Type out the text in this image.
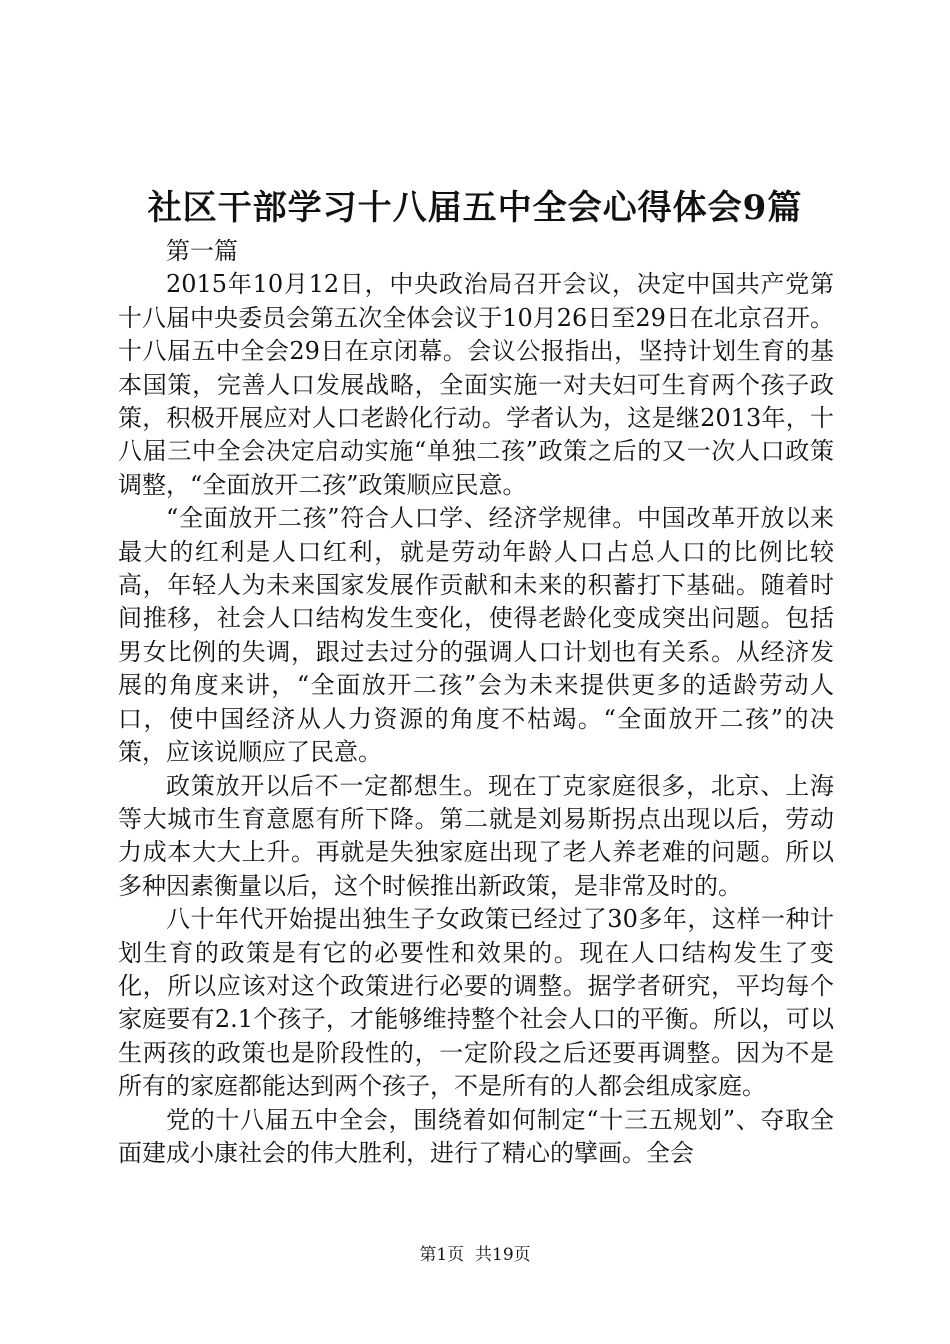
社区干部学习十八届五中全会心得体会9篇

第一篇

2015年10月12日，中央政治局召开会议，决定中国共产党第十八届中央委员会第五次全体会议于10月26日至29日在北京召开。十八届五中全会29日在京闭幕。会议公报指出，坚持计划生育的基本国策，完善人口发展战略，全面实施一对夫妇可生育两个孩子政策，积极开展应对人口老龄化行动。学者认为，这是继2013年，十八届三中全会决定启动实施“单独二孩”政策之后的又一次人口政策调整，“全面放开二孩”政策顺应民意。

“全面放开二孩”符合人口学、经济学规律。中国改革开放以来最大的红利是人口红利，就是劳动年龄人口占总人口的比例比较高，年轻人为未来国家发展作贡献和未来的积蓄打下基础。随着时间推移，社会人口结构发生变化，使得老龄化变成突出问题。包括男女比例的失调，跟过去过分的强调人口计划也有关系。从经济发展的角度来讲，“全面放开二孩”会为未来提供更多的适龄劳动人口，使中国经济从人力资源的角度不枯竭。“全面放开二孩”的决策，应该说顺应了民意。

政策放开以后不一定都想生。现在丁克家庭很多，北京、上海等大城市生育意愿有所下降。第二就是刘易斯拐点出现以后，劳动力成本大大上升。再就是失独家庭出现了老人养老难的问题。所以多种因素衡量以后，这个时候推出新政策，是非常及时的。

八十年代开始提出独生子女政策已经过了30多年，这样一种计划生育的政策是有它的必要性和效果的。现在人口结构发生了变化，所以应该对这个政策进行必要的调整。据学者研究，平均每个家庭要有2.1个孩子，才能够维持整个社会人口的平衡。所以，可以生两孩的政策也是阶段性的，一定阶段之后还要再调整。因为不是所有的家庭都能达到两个孩子，不是所有的人都会组成家庭。

党的十八届五中全会，围绕着如何制定“十三五规划”、夺取全面建成小康社会的伟大胜利，进行了精心的擘画。全会

第1页 共19页
